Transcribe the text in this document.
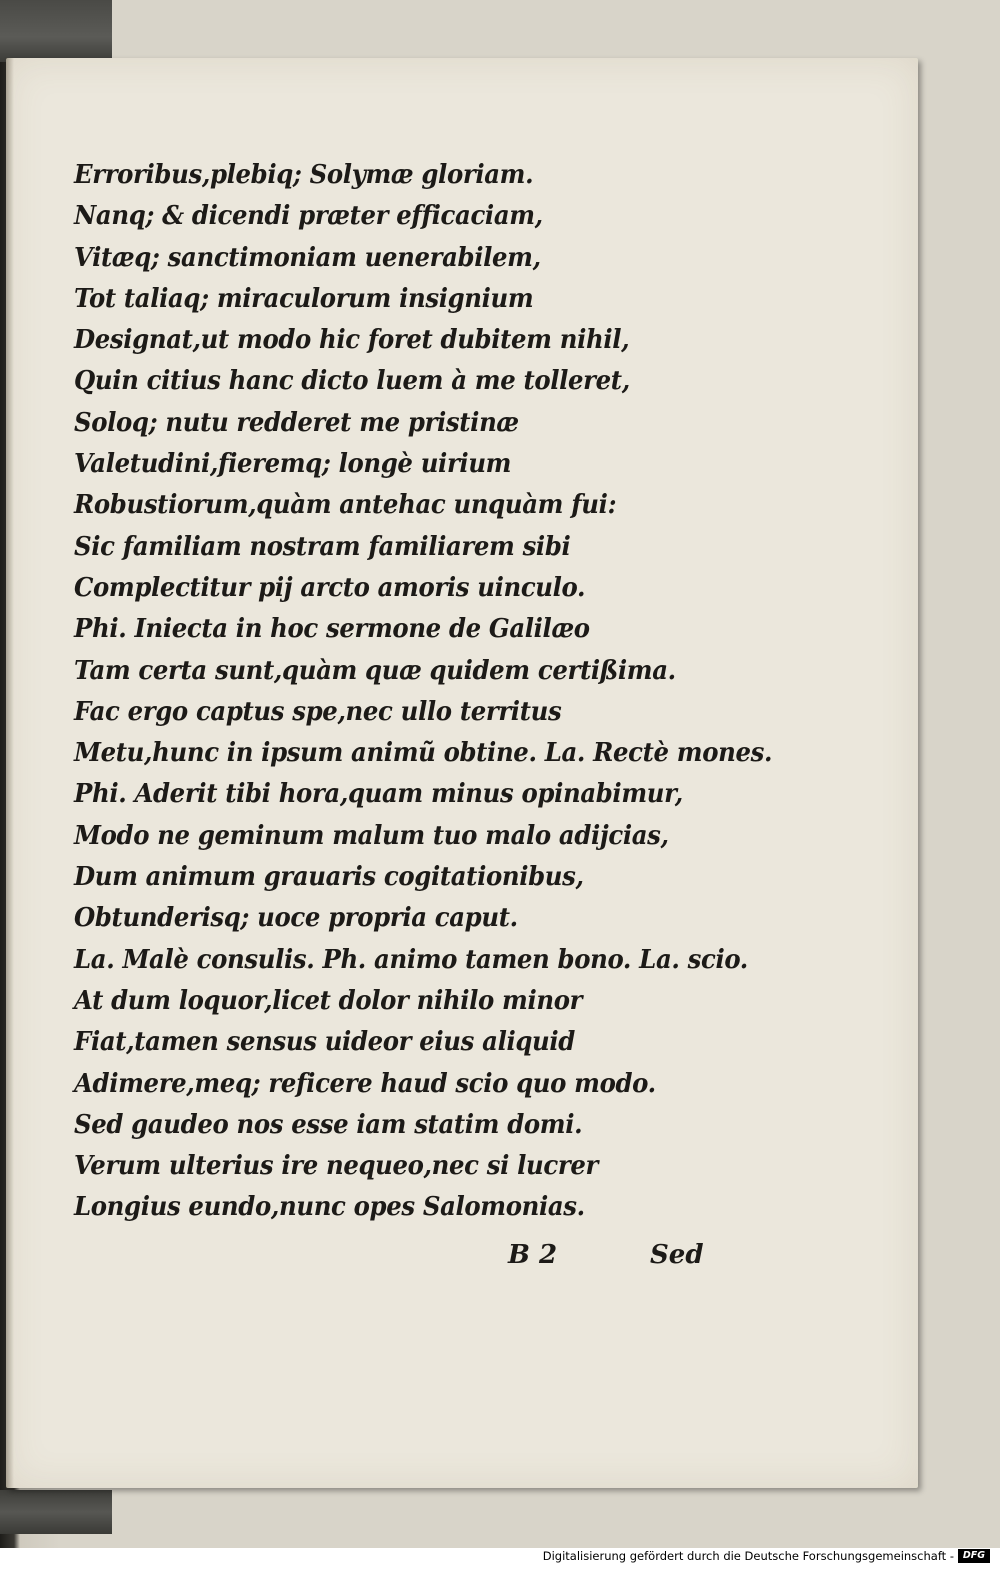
Erroribus,plebiq; Solymæ gloriam.
Nanq; & dicendi præter efficaciam,
Vitæq; sanctimoniam uenerabilem,
Tot taliaq; miraculorum insignium
Designat,ut modo hic foret dubitem nihil,
Quin citius hanc dicto luem à me tolleret,
Soloq; nutu redderet me pristinæ
Valetudini,fieremq; longè uirium
Robustiorum,quàm antehac unquàm fui:
Sic familiam nostram familiarem sibi
Complectitur pij arcto amoris uinculo.
Phi. Iniecta in hoc sermone de Galilæo
Tam certa sunt,quàm quæ quidem certißima.
Fac ergo captus spe,nec ullo territus
Metu,hunc in ipsum animũ obtine. La. Rectè mones.
Phi. Aderit tibi hora,quam minus opinabimur,
Modo ne geminum malum tuo malo adijcias,
Dum animum grauaris cogitationibus,
Obtunderisq; uoce propria caput.
La. Malè consulis. Ph. animo tamen bono. La. scio.
At dum loquor,licet dolor nihilo minor
Fiat,tamen sensus uideor eius aliquid
Adimere,meq; reficere haud scio quo modo.
Sed gaudeo nos esse iam statim domi.
Verum ulterius ire nequeo,nec si lucrer
Longius eundo,nunc opes Salomonias.
B 2	Sed
Digitalisierung gefördert durch die Deutsche Forschungsgemeinschaft - DFG
